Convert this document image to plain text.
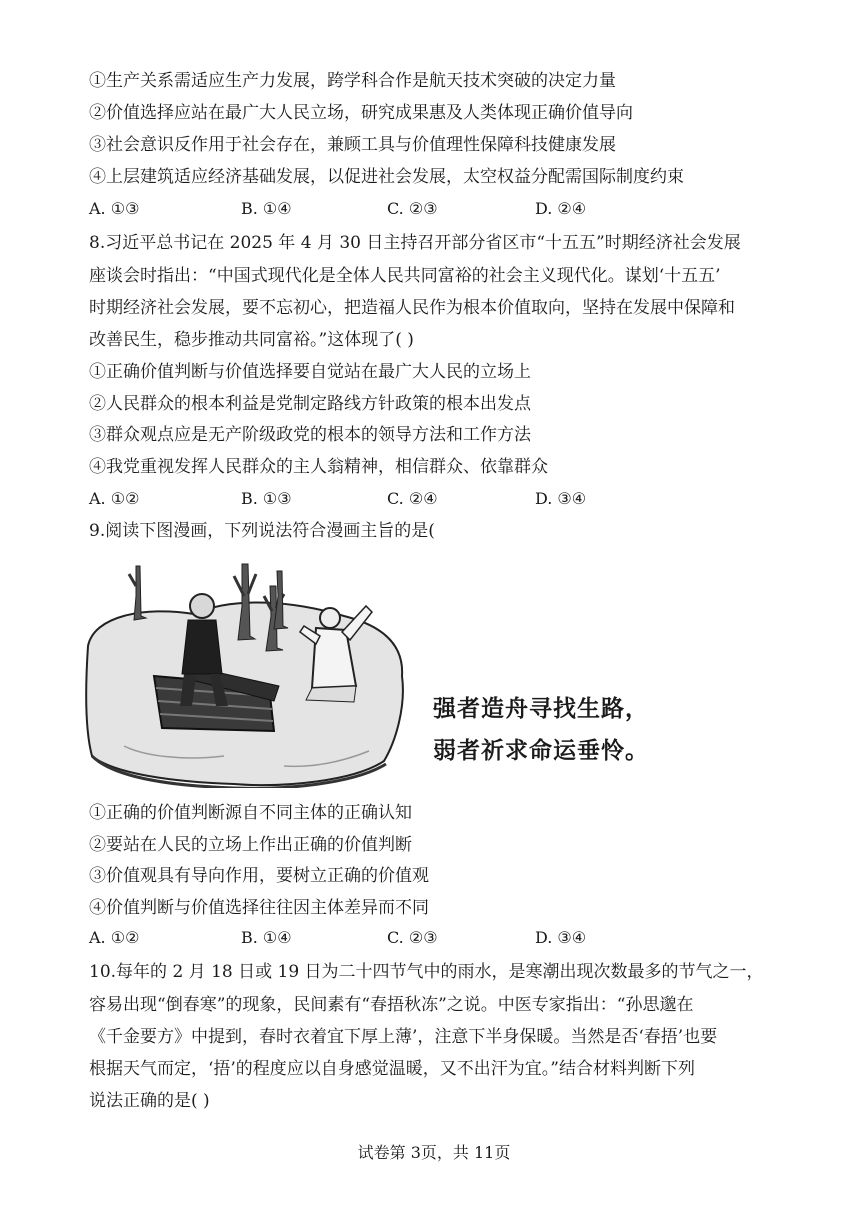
①生产关系需适应生产力发展，跨学科合作是航天技术突破的决定力量
②价值选择应站在最广大人民立场，研究成果惠及人类体现正确价值导向
③社会意识反作用于社会存在，兼顾工具与价值理性保障科技健康发展
④上层建筑适应经济基础发展，以促进社会发展，太空权益分配需国际制度约束
A. ①③	B. ①④	C. ②③	D. ②④
8.习近平总书记在 2025 年 4 月 30 日主持召开部分省区市“十五五”时期经济社会发展
座谈会时指出：“中国式现代化是全体人民共同富裕的社会主义现代化。谋划‘十五五’
时期经济社会发展，要不忘初心，把造福人民作为根本价值取向，坚持在发展中保障和
改善民生，稳步推动共同富裕。”这体现了( )
①正确价值判断与价值选择要自觉站在最广大人民的立场上
②人民群众的根本利益是党制定路线方针政策的根本出发点
③群众观点应是无产阶级政党的根本的领导方法和工作方法
④我党重视发挥人民群众的主人翁精神，相信群众、依靠群众
A. ①②	B. ①③	C. ②④	D. ③④
9.阅读下图漫画，下列说法符合漫画主旨的是(
强者造舟寻找生路，
弱者祈求命运垂怜。
①正确的价值判断源自不同主体的正确认知
②要站在人民的立场上作出正确的价值判断
③价值观具有导向作用，要树立正确的价值观
④价值判断与价值选择往往因主体差异而不同
A. ①②	B. ①④	C. ②③	D. ③④
10.每年的 2 月 18 日或 19 日为二十四节气中的雨水，是寒潮出现次数最多的节气之一，
容易出现“倒春寒”的现象，民间素有“春捂秋冻”之说。中医专家指出：“孙思邈在
《千金要方》中提到，春时衣着宜下厚上薄’，注意下半身保暖。当然是否‘春捂’也要
根据天气而定，‘捂’的程度应以自身感觉温暖，又不出汗为宜。”结合材料判断下列
说法正确的是( )
试卷第 3页，共 11页
